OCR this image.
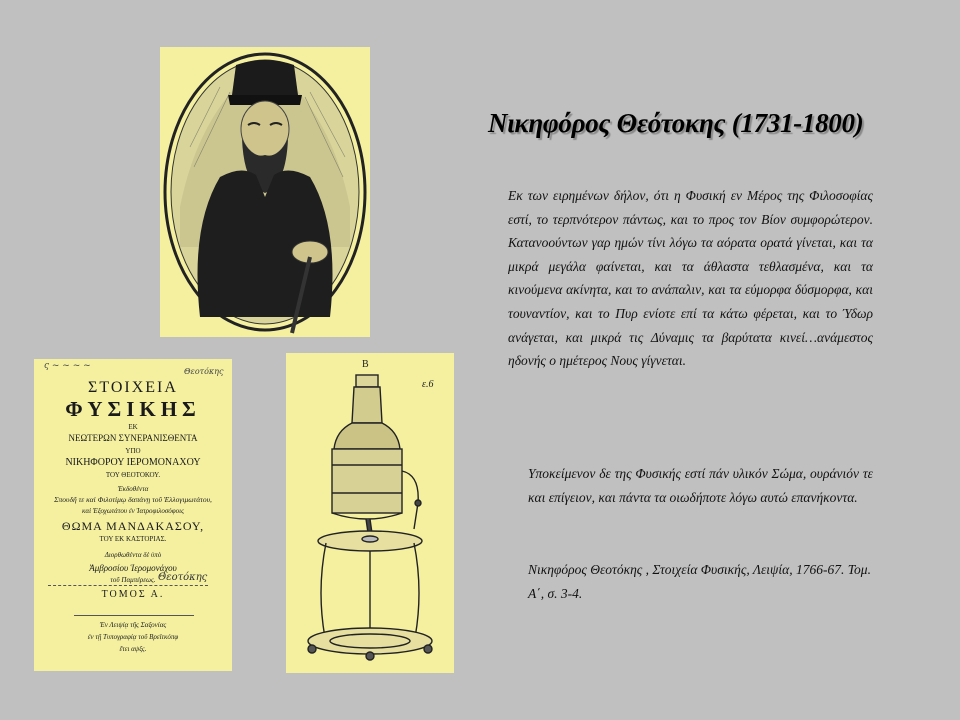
ς ~ ~ ~ ~
Θεοτόκης
ΣΤΟΙΧΕΙΑ
ΦΥΣΙΚΗΣ
ΕΚ
ΝΕΩΤΕΡΩΝ ΣΥΝΕΡΑΝΙΣΘΕΝΤΑ
ΥΠΟ
ΝΙΚΗΦΟΡΟΥ ΙΕΡΟΜΟΝΑΧΟΥ
ΤΟΥ ΘΕΟΤΟΚΟΥ.
Ἐκδοθέντα
Σπουδῆ τε καὶ Φιλοτίμῳ δαπάνῃ τοῦ Ἐλλογιμωτάτου,
καὶ Ἐξοχωτάτου ἐν Ἰατροφιλοσόφοις
ΘΩΜΑ ΜΑΝΔΑΚΑΣΟΥ,
ΤΟΥ ΕΚ ΚΑΣΤΟΡΙΑΣ.
Διορθωθέντα δὲ ὑπὸ
Ἀμβροσίου Ἱερομονάχου
τοῦ Παμπέρεως. Θεοτόκης
ΤΟΜΟΣ Α.
Ἐν Λειψίᾳ τῆς Σαξονίας
ἐν τῇ Τυπογραφίᾳ τοῦ Βρεϊτκόπφ
ἔτει αψξς.
B
ε.6
Νικηφόρος Θεότοκης (1731-1800)

Εκ των ειρημένων δήλον, ότι η Φυσική εν Μέρος της Φιλοσοφίας εστί, το τερπνότερον πάντως, και το προς τον Βίον συμφορώτερον. Κατανοούντων γαρ ημών τίνι λόγω τα αόρατα ορατά γίνεται, και τα μικρά μεγάλα φαίνεται, και τα άθλαστα τεθλασμένα, και τα κινούμενα ακίνητα, και το ανάπαλιν, και τα εύμορφα δύσμορφα, και τουναντίον, και το Πυρ ενίοτε επί τα κάτω φέρεται, και το Ύδωρ ανάγεται, και μικρά τις Δύναμις τα βαρύτατα κινεί…ανάμεστος ηδονής ο ημέτερος Νους γίγνεται.

Υποκείμενον δε της Φυσικής εστί πάν υλικόν Σώμα, ουράνιόν τε και επίγειον, και πάντα τα οιωδήποτε λόγω αυτώ επανήκοντα.

Νικηφόρος Θεοτόκης , Στοιχεία Φυσικής, Λειψία, 1766-67. Τομ. Α΄, σ. 3-4.
